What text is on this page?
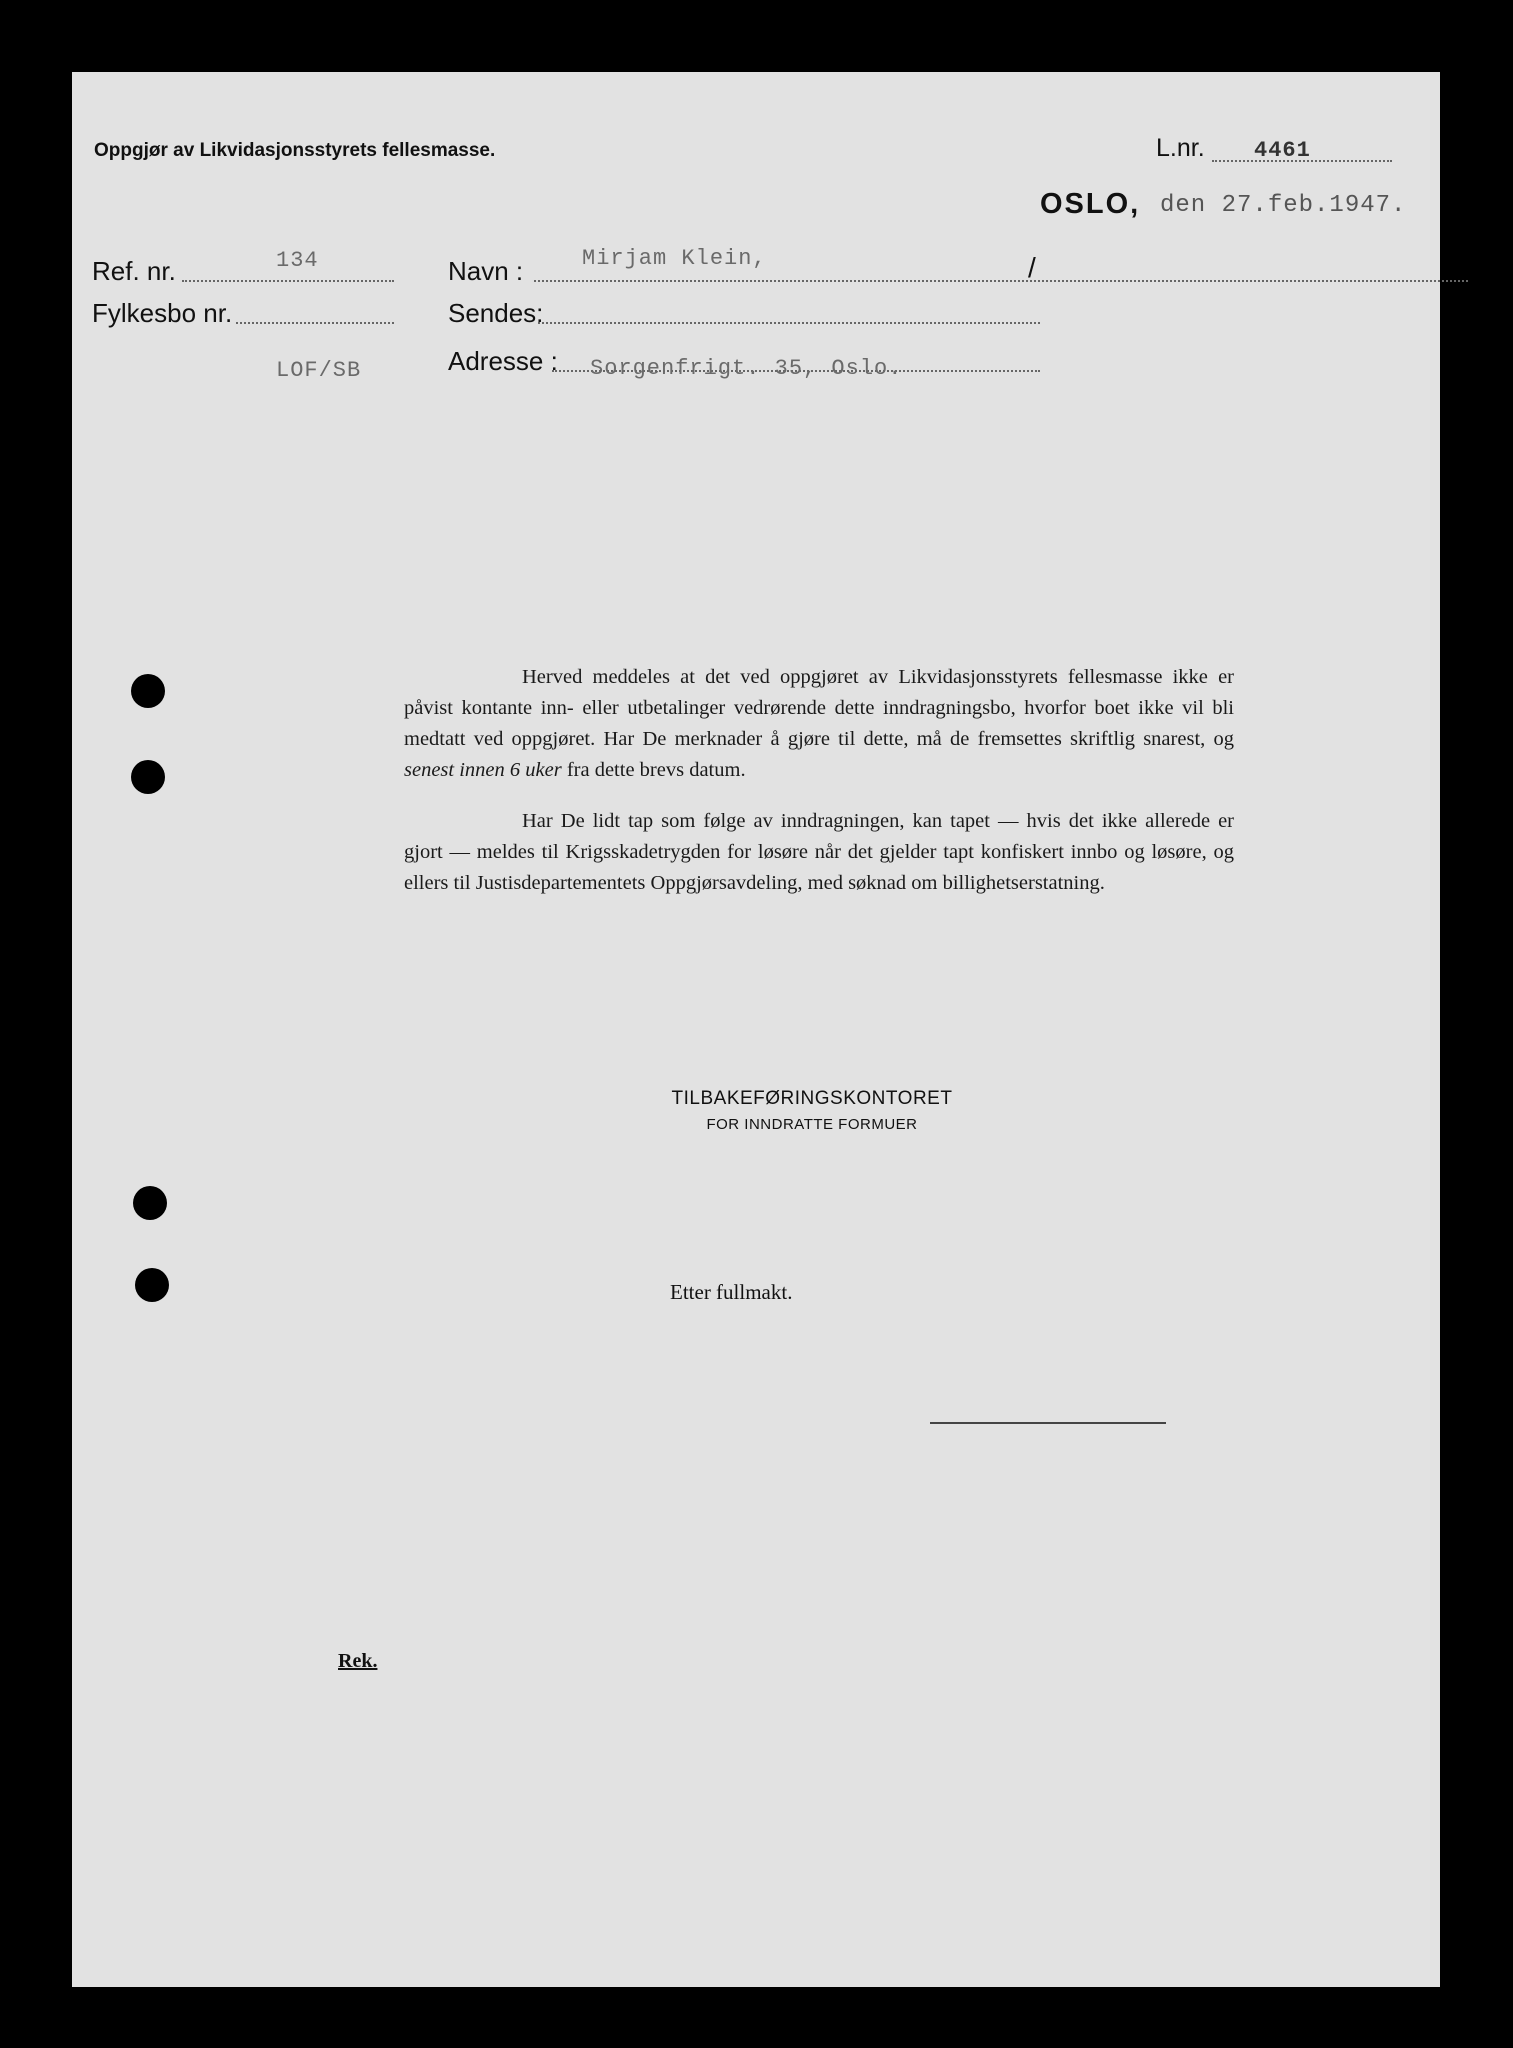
Oppgjør av Likvidasjonsstyrets fellesmasse.	L.nr. 4461
OSLO, den 27.feb.1947.
Ref. nr.	134
Fylkesbo nr.
LOF/SB
Navn :	Mirjam Klein,	/
Sendes:
Adresse : Sorgenfrigt. 35, Oslo.

Herved meddeles at det ved oppgjøret av Likvidasjonsstyrets fellesmasse ikke er påvist kontante inn- eller utbetalinger vedrørende dette inndragningsbo, hvorfor boet ikke vil bli medtatt ved oppgjøret. Har De merknader å gjøre til dette, må de fremsettes skriftlig snarest, og senest innen 6 uker fra dette brevs datum.

Har De lidt tap som følge av inndragningen, kan tapet — hvis det ikke allerede er gjort — meldes til Krigsskadetrygden for løsøre når det gjelder tapt konfiskert innbo og løsøre, og ellers til Justisdepartementets Oppgjørsavdeling, med søknad om billighetserstatning.

TILBAKEFØRINGSKONTORET
FOR INNDRATTE FORMUER
Etter fullmakt.
Rek.
